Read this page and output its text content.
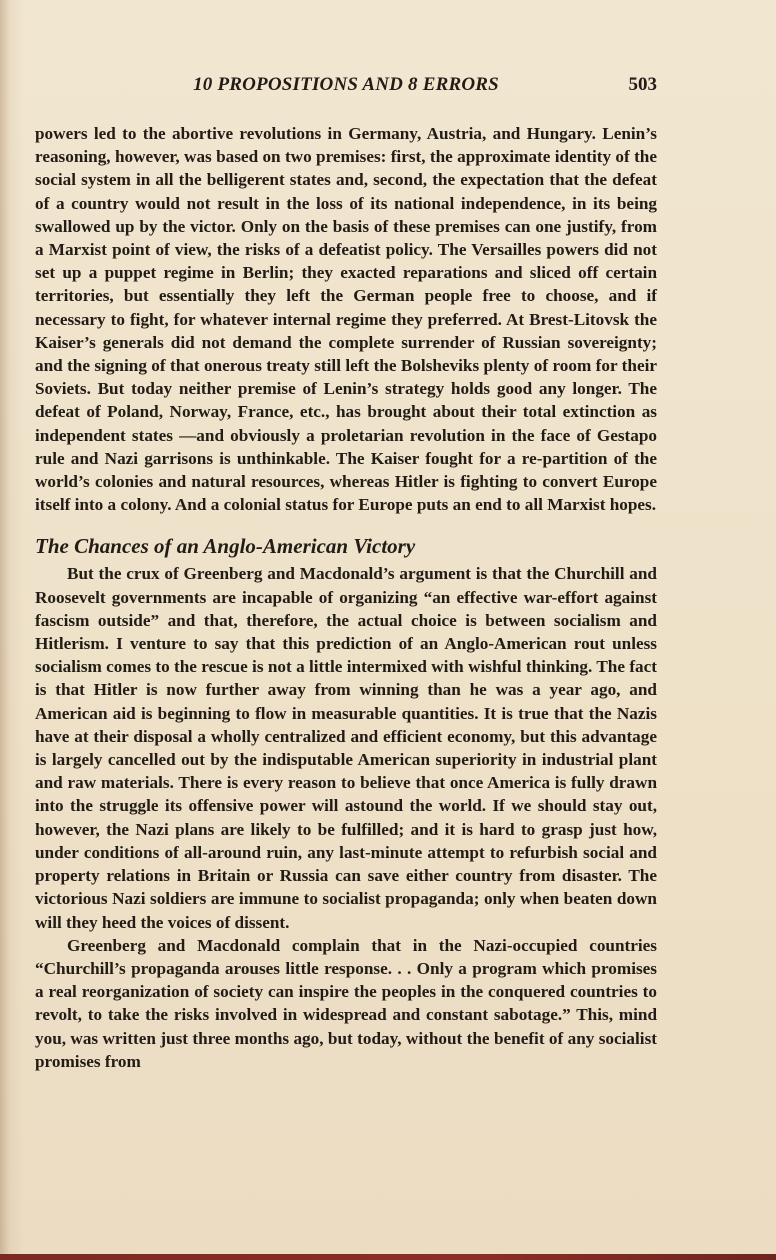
10 PROPOSITIONS AND 8 ERRORS	503

powers led to the abortive revolutions in Germany, Austria, and Hungary. Lenin’s reasoning, however, was based on two premises: first, the approximate identity of the social system in all the belligerent states and, second, the expectation that the defeat of a country would not result in the loss of its national independence, in its being swallowed up by the victor. Only on the basis of these premises can one justify, from a Marxist point of view, the risks of a defeatist policy. The Versailles powers did not set up a puppet regime in Berlin; they exacted reparations and sliced off certain territories, but essentially they left the German people free to choose, and if necessary to fight, for whatever internal regime they preferred. At Brest-Litovsk the Kaiser’s generals did not demand the complete surrender of Russian sovereignty; and the signing of that onerous treaty still left the Bolsheviks plenty of room for their Soviets. But today neither premise of Lenin’s strategy holds good any longer. The defeat of Poland, Norway, France, etc., has brought about their total extinction as independent states —and obviously a proletarian revolution in the face of Gestapo rule and Nazi garrisons is unthinkable. The Kaiser fought for a re-partition of the world’s colonies and natural resources, whereas Hitler is fighting to convert Europe itself into a colony. And a colonial status for Europe puts an end to all Marxist hopes.

The Chances of an Anglo-American Victory

But the crux of Greenberg and Macdonald’s argument is that the Churchill and Roosevelt governments are incapable of organizing “an effective war-effort against fascism outside” and that, therefore, the actual choice is between socialism and Hitlerism. I venture to say that this prediction of an Anglo-American rout unless socialism comes to the rescue is not a little intermixed with wishful thinking. The fact is that Hitler is now further away from winning than he was a year ago, and American aid is beginning to flow in measurable quantities. It is true that the Nazis have at their disposal a wholly centralized and efficient economy, but this advantage is largely cancelled out by the indisputable American superiority in industrial plant and raw materials. There is every reason to believe that once America is fully drawn into the struggle its offensive power will astound the world. If we should stay out, however, the Nazi plans are likely to be fulfilled; and it is hard to grasp just how, under conditions of all-around ruin, any last-minute attempt to refurbish social and property relations in Britain or Russia can save either country from disaster. The victorious Nazi soldiers are immune to socialist propaganda; only when beaten down will they heed the voices of dissent.

Greenberg and Macdonald complain that in the Nazi-occupied countries “Churchill’s propaganda arouses little response. . . Only a program which promises a real reorganization of society can inspire the peoples in the conquered countries to revolt, to take the risks involved in widespread and constant sabotage.” This, mind you, was written just three months ago, but today, without the benefit of any socialist promises from
